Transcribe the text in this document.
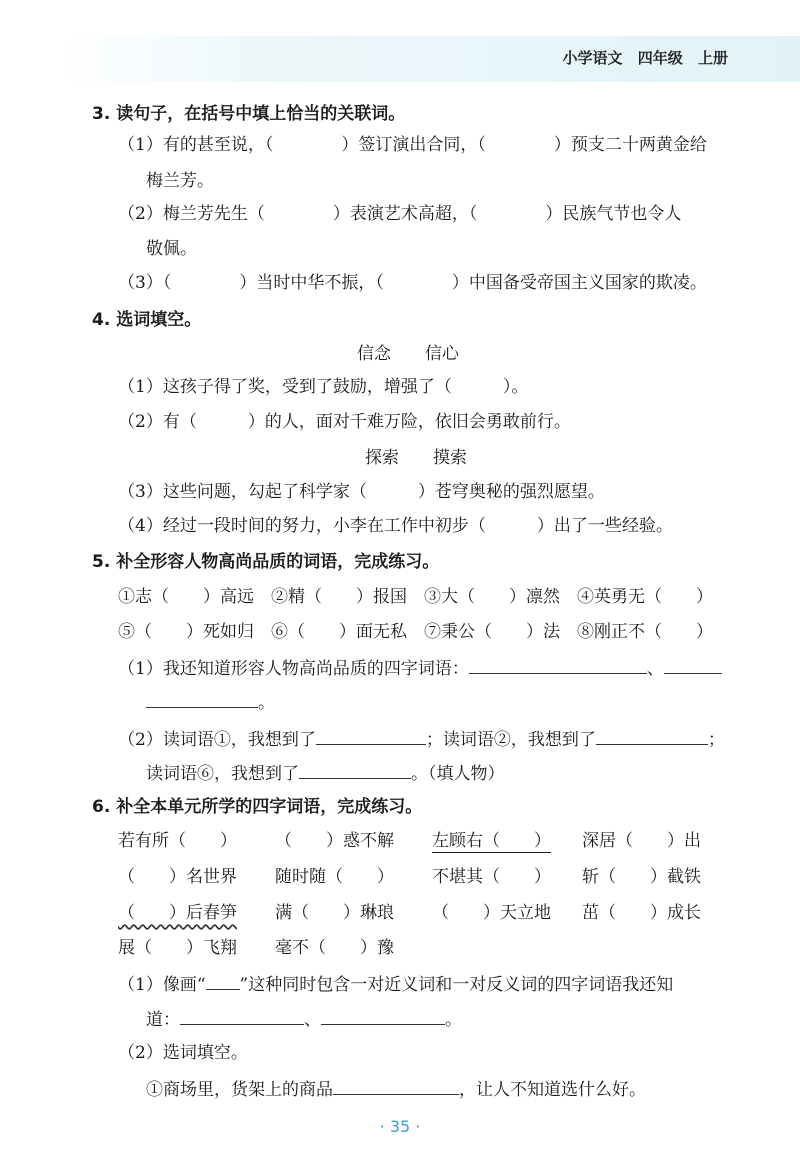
小学语文 四年级 上册
3. 读句子，在括号中填上恰当的关联词。
（1）有的甚至说，（　　　　）签订演出合同，（　　　　）预支二十两黄金给
梅兰芳。
（2）梅兰芳先生（　　　　）表演艺术高超，（　　　　）民族气节也令人
敬佩。
（3）（　　　　）当时中华不振，（　　　　）中国备受帝国主义国家的欺凌。
4. 选词填空。
信念　　信心
（1）这孩子得了奖，受到了鼓励，增强了（　　　）。
（2）有（　　　）的人，面对千难万险，依旧会勇敢前行。
探索　　摸索
（3）这些问题，勾起了科学家（　　　）苍穹奥秘的强烈愿望。
（4）经过一段时间的努力，小李在工作中初步（　　　）出了一些经验。
5. 补全形容人物高尚品质的词语，完成练习。
①志（　　）高远　②精（　　）报国　③大（　　）凛然　④英勇无（　　）
⑤（　　）死如归　⑥（　　）面无私　⑦秉公（　　）法　⑧刚正不（　　）
（1）我还知道形容人物高尚品质的四字词语：	、
。
（2）读词语①，我想到了	；读词语②，我想到了	；
读词语⑥，我想到了	。（填人物）
6. 补全本单元所学的四字词语，完成练习。
若有所（　　） （　　）惑不解 左顾右（　　） 深居（　　）出
（　　）名世界 随时随（　　） 不堪其（　　） 斩（　　）截铁
（　　）后春笋 满（　　）琳琅 （　　）天立地 茁（　　）成长
展（　　）飞翔 毫不（　　）豫
（1）像画“ ”这种同时包含一对近义词和一对反义词的四字词语我还知
道：	、	。
（2）选词填空。
①商场里，货架上的商品	，让人不知道选什么好。
· 35 ·
